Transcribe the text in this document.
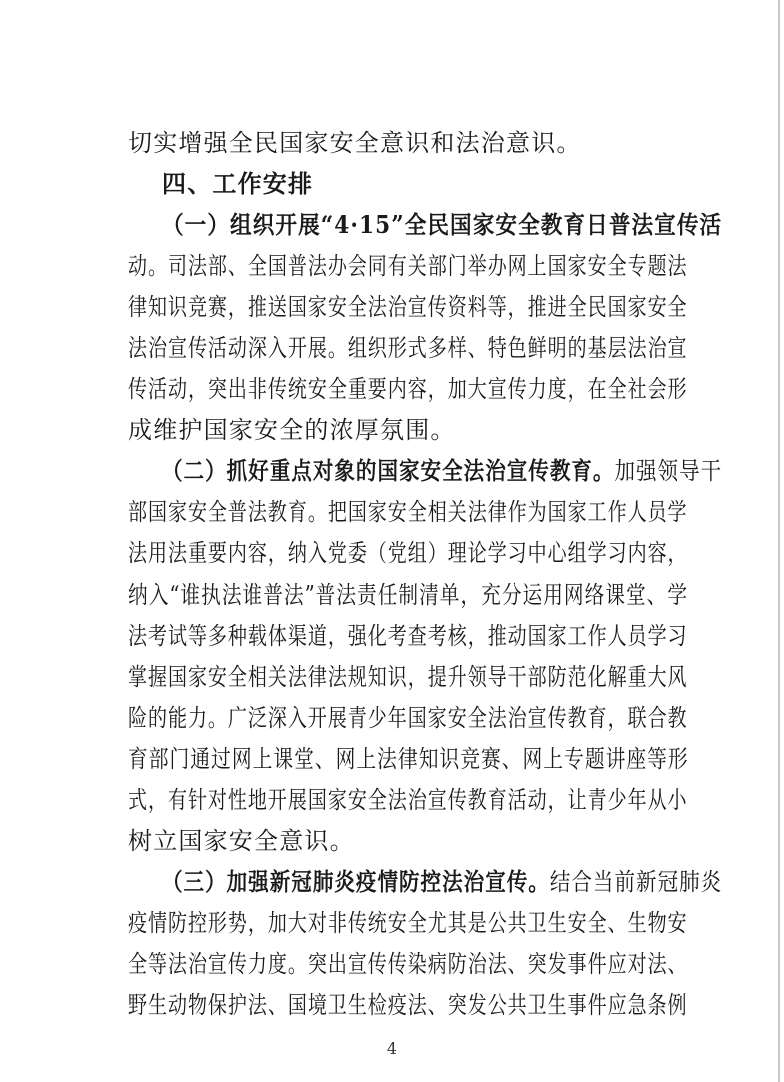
切实增强全民国家安全意识和法治意识。
四、工作安排
（一）组织开展“4·15”全民国家安全教育日普法宣传活
动。司法部、全国普法办会同有关部门举办网上国家安全专题法
律知识竞赛，推送国家安全法治宣传资料等，推进全民国家安全
法治宣传活动深入开展。组织形式多样、特色鲜明的基层法治宣
传活动，突出非传统安全重要内容，加大宣传力度，在全社会形
成维护国家安全的浓厚氛围。
（二）抓好重点对象的国家安全法治宣传教育。加强领导干
部国家安全普法教育。把国家安全相关法律作为国家工作人员学
法用法重要内容，纳入党委（党组）理论学习中心组学习内容，
纳入“谁执法谁普法”普法责任制清单，充分运用网络课堂、学
法考试等多种载体渠道，强化考查考核，推动国家工作人员学习
掌握国家安全相关法律法规知识，提升领导干部防范化解重大风
险的能力。广泛深入开展青少年国家安全法治宣传教育，联合教
育部门通过网上课堂、网上法律知识竞赛、网上专题讲座等形
式，有针对性地开展国家安全法治宣传教育活动，让青少年从小
树立国家安全意识。
（三）加强新冠肺炎疫情防控法治宣传。结合当前新冠肺炎
疫情防控形势，加大对非传统安全尤其是公共卫生安全、生物安
全等法治宣传力度。突出宣传传染病防治法、突发事件应对法、
野生动物保护法、国境卫生检疫法、突发公共卫生事件应急条例
4
